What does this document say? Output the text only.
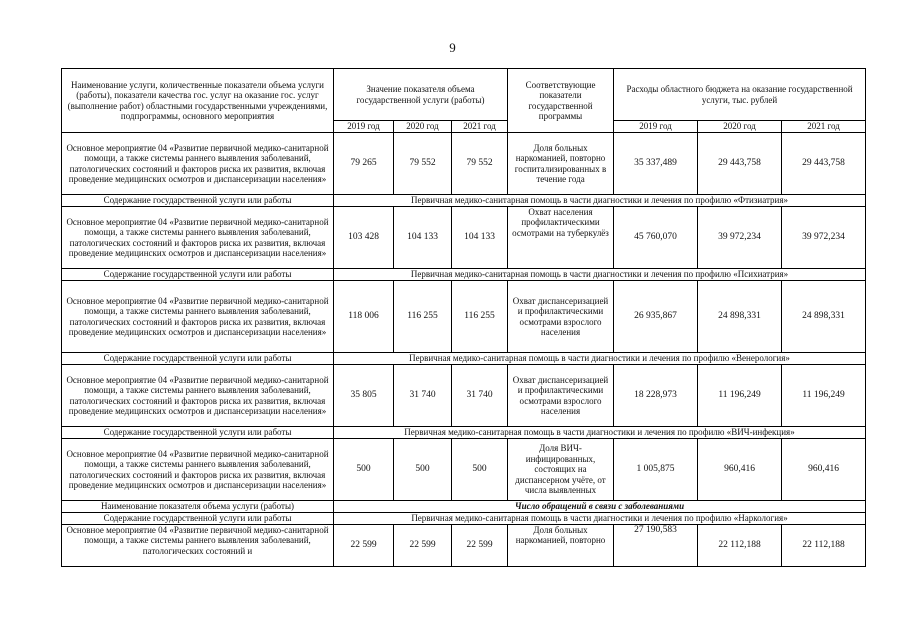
9
Наименование услуги, количественные показатели объема услуги (работы), показатели качества гос. услуг на оказание гос. услуг (выполнение работ) областными государственными учреждениями, подпрограммы, основного мероприятия	Значение показателя объема государственной услуги (работы)			Соответствующие показатели государственной программы	Расходы областного бюджета на оказание государственной услуги, тыс. рублей		
	2019 год	2020 год	2021 год		2019 год	2020 год	2021 год
Основное мероприятие 04 «Развитие первичной медико-санитарной помощи, а также системы раннего выявления заболеваний, патологических состояний и факторов риска их развития, включая проведение медицинских осмотров и диспансеризации населения»	79 265	79 552	79 552	Доля больных наркоманией, повторно госпитализированных в течение года	35 337,489	29 443,758	29 443,758
Содержание государственной услуги или работы	Первичная медико-санитарная помощь в части диагностики и лечения по профилю «Фтизиатрия»						
Основное мероприятие 04 «Развитие первичной медико-санитарной помощи, а также системы раннего выявления заболеваний, патологических состояний и факторов риска их развития, включая проведение медицинских осмотров и диспансеризации населения»	103 428	104 133	104 133	Охват населения профилактическими осмотрами на туберкулёз	45 760,070	39 972,234	39 972,234
Содержание государственной услуги или работы	Первичная медико-санитарная помощь в части диагностики и лечения по профилю «Психиатрия»						
Основное мероприятие 04 «Развитие первичной медико-санитарной помощи, а также системы раннего выявления заболеваний, патологических состояний и факторов риска их развития, включая проведение медицинских осмотров и диспансеризации населения»	118 006	116 255	116 255	Охват диспансеризацией и профилактическими осмотрами взрослого населения	26 935,867	24 898,331	24 898,331
Содержание государственной услуги или работы	Первичная медико-санитарная помощь в части диагностики и лечения по профилю «Венерология»						
Основное мероприятие 04 «Развитие первичной медико-санитарной помощи, а также системы раннего выявления заболеваний, патологических состояний и факторов риска их развития, включая проведение медицинских осмотров и диспансеризации населения»	35 805	31 740	31 740	Охват диспансеризацией и профилактическими осмотрами взрослого населения	18 228,973	11 196,249	11 196,249
Содержание государственной услуги или работы	Первичная медико-санитарная помощь в части диагностики и лечения по профилю «ВИЧ-инфекция»						
Основное мероприятие 04 «Развитие первичной медико-санитарной помощи, а также системы раннего выявления заболеваний, патологических состояний и факторов риска их развития, включая проведение медицинских осмотров и диспансеризации населения»	500	500	500	Доля ВИЧ-инфицированных, состоящих на диспансерном учёте, от числа выявленных	1 005,875	960,416	960,416
Наименование показателя объема услуги (работы)	Число обращений в связи с заболеваниями						
Содержание государственной услуги или работы	Первичная медико-санитарная помощь в части диагностики и лечения по профилю «Наркология»						
Основное мероприятие 04 «Развитие первичной медико-санитарной помощи, а также системы раннего выявления заболеваний, патологических состояний и	22 599	22 599	22 599	Доля больных наркоманией, повторно	27 190,583	22 112,188	22 112,188
